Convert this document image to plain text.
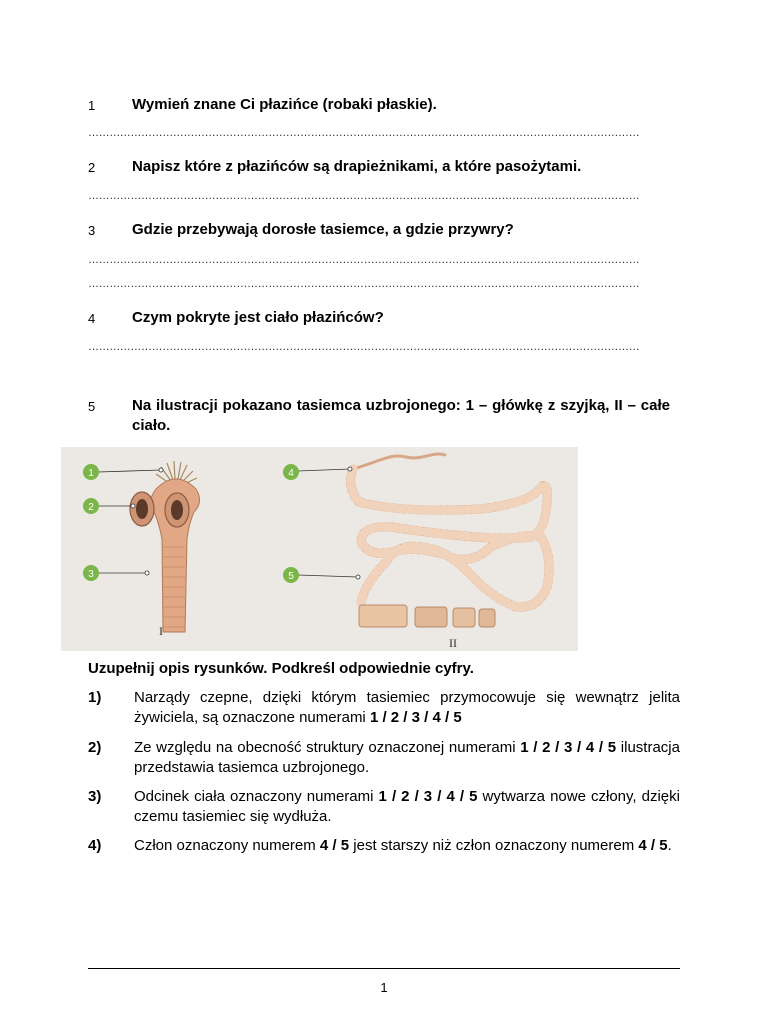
1 Wymień znane Ci płazińce (robaki płaskie).
…………………………………………………………………………………………………………………………………………
2 Napisz które z płazińców są drapieżnikami, a które pasożytami.
…………………………………………………………………………………………………………………………………………
3 Gdzie przebywają dorosłe tasiemce, a gdzie przywry?
…………………………………………………………………………………………………………………………………………
…………………………………………………………………………………………………………………………………………
4 Czym pokryte jest ciało płazińców?
…………………………………………………………………………………………………………………………………………
5 Na ilustracji pokazano tasiemca uzbrojonego: 1 – główkę z szyjką, II – całe ciało.
1
2
3
4
5
I
II
Uzupełnij opis rysunków. Podkreśl odpowiednie cyfry.
1) Narządy czepne, dzięki którym tasiemiec przymocowuje się wewnątrz jelita żywiciela, są oznaczone numerami 1 / 2 / 3 / 4 / 5
2) Ze względu na obecność struktury oznaczonej numerami 1 / 2 / 3 / 4 / 5 ilustracja przedstawia tasiemca uzbrojonego.
3) Odcinek ciała oznaczony numerami 1 / 2 / 3 / 4 / 5 wytwarza nowe człony, dzięki czemu tasiemiec się wydłuża.
4) Człon oznaczony numerem 4 / 5 jest starszy niż człon oznaczony numerem 4 / 5.
1
